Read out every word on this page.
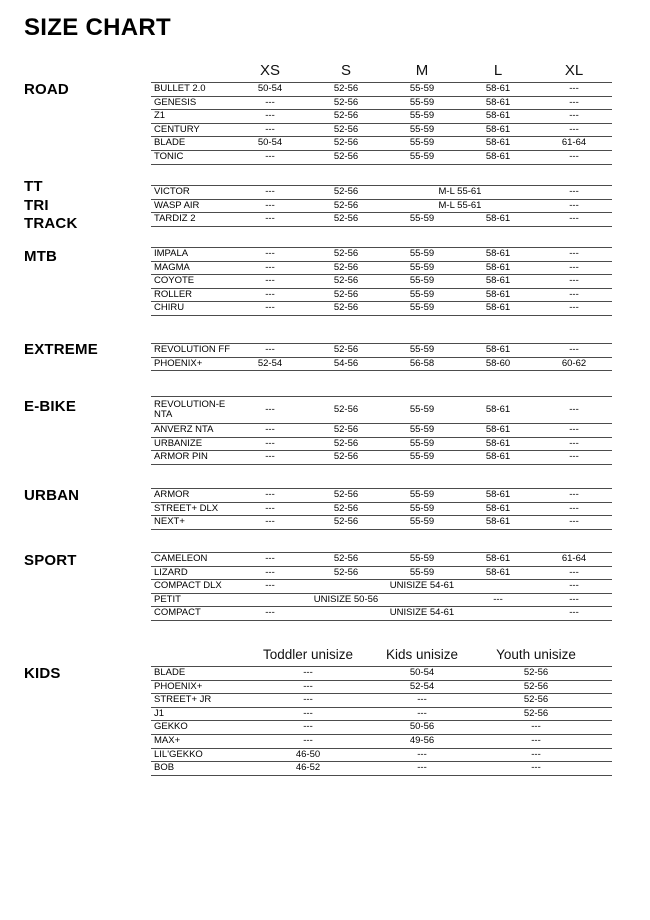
SIZE CHART
XS	S	M	L	XL
ROAD	BULLET 2.0	50-54	52-56	55-59	58-61	---
GENESIS	---	52-56	55-59	58-61	---
Z1	---	52-56	55-59	58-61	---
CENTURY	---	52-56	55-59	58-61	---
BLADE	50-54	52-56	55-59	58-61	61-64
TONIC	---	52-56	55-59	58-61	---
TT
TRI
TRACK
VICTOR	---	52-56	M-L 55-61	---
WASP AIR	---	52-56	M-L 55-61	---
TARDIZ 2	---	52-56	55-59	58-61	---
MTB	IMPALA	---	52-56	55-59	58-61	---
MAGMA	---	52-56	55-59	58-61	---
COYOTE	---	52-56	55-59	58-61	---
ROLLER	---	52-56	55-59	58-61	---
CHIRU	---	52-56	55-59	58-61	---
EXTREME	REVOLUTION FF	---	52-56	55-59	58-61	---
PHOENIX+	52-54	54-56	56-58	58-60	60-62
E-BIKE	REVOLUTION-E NTA	---	52-56	55-59	58-61	---
ANVERZ NTA	---	52-56	55-59	58-61	---
URBANIZE	---	52-56	55-59	58-61	---
ARMOR PIN	---	52-56	55-59	58-61	---
URBAN	ARMOR	---	52-56	55-59	58-61	---
STREET+ DLX	---	52-56	55-59	58-61	---
NEXT+	---	52-56	55-59	58-61	---
SPORT	CAMELEON	---	52-56	55-59	58-61	61-64
LIZARD	---	52-56	55-59	58-61	---
COMPACT DLX	---	UNISIZE 54-61	---
PETIT	UNISIZE 50-56	---	---
COMPACT	---	UNISIZE 54-61	---
KIDS
Toddler unisize	Kids unisize	Youth unisize
BLADE	---	50-54	52-56
PHOENIX+	---	52-54	52-56
STREET+ JR	---	---	52-56
J1	---	---	52-56
GEKKO	---	50-56	---
MAX+	---	49-56	---
LIL'GEKKO	46-50	---	---
BOB	46-52	---	---
